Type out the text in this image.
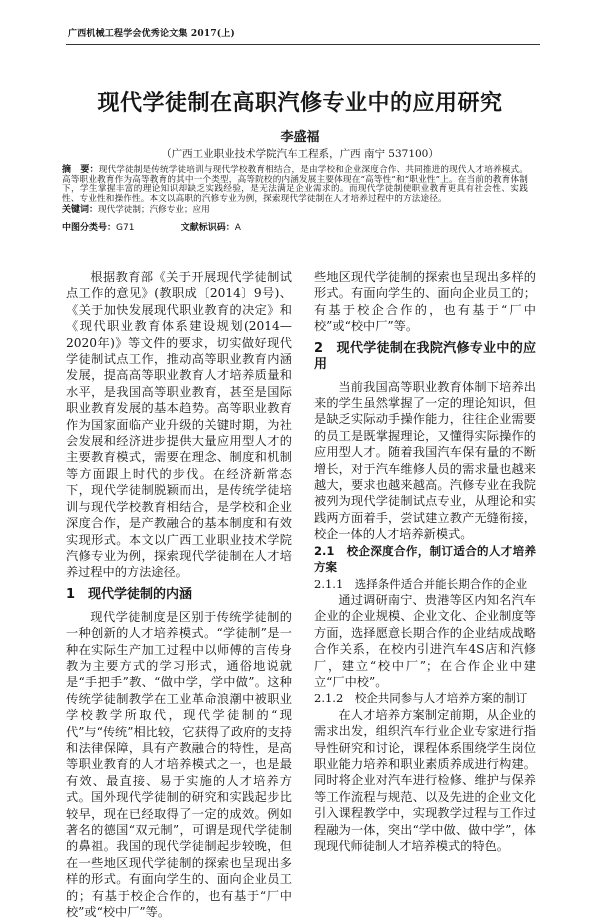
广西机械工程学会优秀论文集 2017(上)
现代学徒制在高职汽修专业中的应用研究
李盛福
（广西工业职业技术学院汽车工程系，广西 南宁 537100）
摘　要：现代学徒制是传统学徒培训与现代学校教育相结合，是由学校和企业深度合作、共同推进的现代人才培养模式。高等职业教育作为高等教育的其中一个类型，高等院校的内涵发展主要体现在“高等性”和“职业性”上。在当前的教育体制下，学生掌握丰富的理论知识却缺乏实践经验，是无法满足企业需求的。而现代学徒制使职业教育更具有社会性、实践性、专业性和操作性。本文以高职的汽修专业为例，探索现代学徒制在人才培养过程中的方法途径。
关键词：现代学徒制；汽修专业；应用
中图分类号：G71	文献标识码：A

根据教育部《关于开展现代学徒制试点工作的意见》(教职成〔2014〕9号)、《关于加快发展现代职业教育的决定》和《现代职业教育体系建设规划(2014—2020年)》等文件的要求，切实做好现代学徒制试点工作，推动高等职业教育内涵发展，提高高等职业教育人才培养质量和水平，是我国高等职业教育，甚至是国际职业教育发展的基本趋势。高等职业教育作为国家面临产业升级的关键时期，为社会发展和经济进步提供大量应用型人才的主要教育模式，需要在理念、制度和机制等方面跟上时代的步伐。在经济新常态下，现代学徒制脱颖而出，是传统学徒培训与现代学校教育相结合，是学校和企业深度合作，是产教融合的基本制度和有效实现形式。本文以广西工业职业技术学院汽修专业为例，探索现代学徒制在人才培养过程中的方法途径。

1　现代学徒制的内涵

现代学徒制度是区别于传统学徒制的一种创新的人才培养模式。“学徒制”是一种在实际生产加工过程中以师傅的言传身教为主要方式的学习形式，通俗地说就是“手把手”教、“做中学，学中做”。这种传统学徒制教学在工业革命浪潮中被职业学校教学所取代，现代学徒制的“现代”与“传统”相比较，它获得了政府的支持和法律保障，具有产教融合的特性，是高等职业教育的人才培养模式之一，也是最有效、最直接、易于实施的人才培养方式。国外现代学徒制的研究和实践起步比较早，现在已经取得了一定的成效。例如著名的德国“双元制”，可谓是现代学徒制的鼻祖。我国的现代学徒制起步较晚，但在一些地区现代学徒制的探索也呈现出多样的形式。有面向学生的、面向企业员工的；有基于校企合作的，也有基于“厂中校”或“校中厂”等。

些地区现代学徒制的探索也呈现出多样的形式。有面向学生的、面向企业员工的；有基于校企合作的，也有基于“厂中校”或“校中厂”等。

2　现代学徒制在我院汽修专业中的应用

当前我国高等职业教育体制下培养出来的学生虽然掌握了一定的理论知识，但是缺乏实际动手操作能力，往往企业需要的员工是既掌握理论，又懂得实际操作的应用型人才。随着我国汽车保有量的不断增长，对于汽车维修人员的需求量也越来越大，要求也越来越高。汽修专业在我院被列为现代学徒制试点专业，从理论和实践两方面着手，尝试建立教产无缝衔接，校企一体的人才培养新模式。

2.1　校企深度合作，制订适合的人才培养方案
2.1.1　选择条件适合并能长期合作的企业

通过调研南宁、贵港等区内知名汽车企业的企业规模、企业文化、企业制度等方面，选择愿意长期合作的企业结成战略合作关系，在校内引进汽车4S店和汽修厂，建立“校中厂”；在合作企业中建立“厂中校”。

2.1.2　校企共同参与人才培养方案的制订

在人才培养方案制定前期，从企业的需求出发，组织汽车行业企业专家进行指导性研究和讨论，课程体系围绕学生岗位职业能力培养和职业素质养成进行构建。同时将企业对汽车进行检修、维护与保养等工作流程与规范、以及先进的企业文化引入课程教学中，实现教学过程与工作过程融为一体，突出“学中做、做中学”，体现现代师徒制人才培养模式的特色。
